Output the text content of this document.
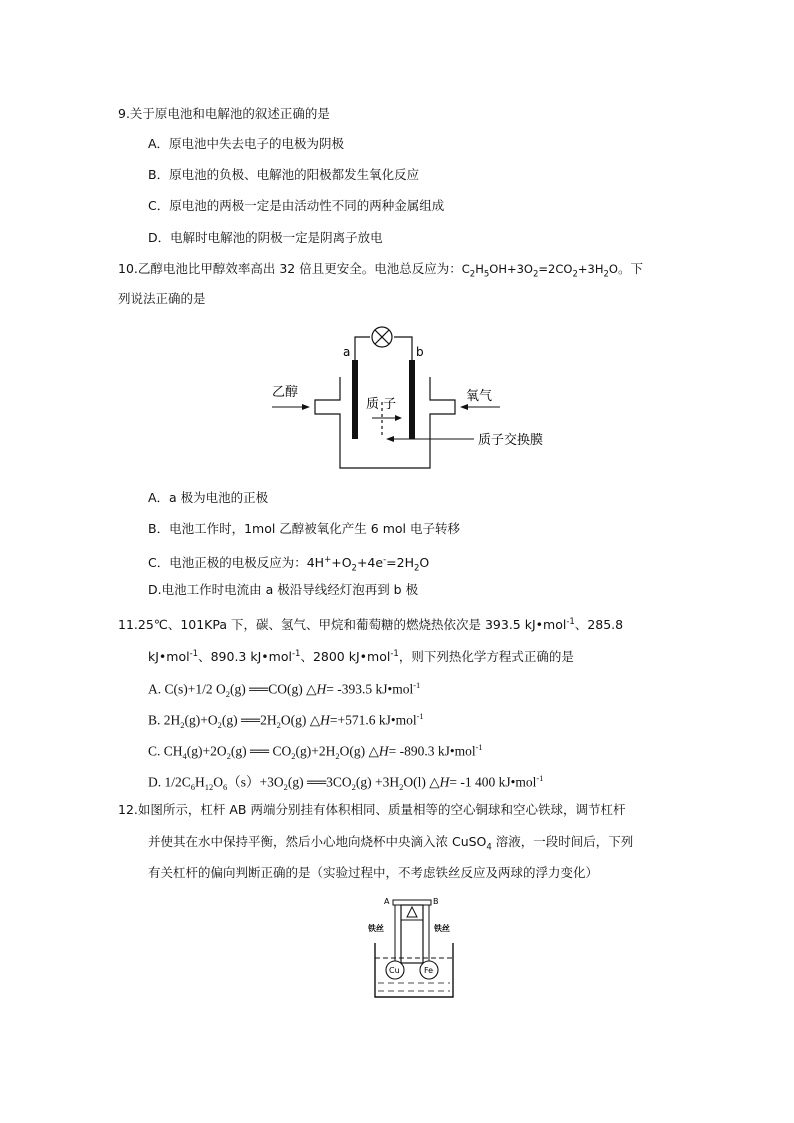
9.关于原电池和电解池的叙述正确的是
A．原电池中失去电子的电极为阴极
B．原电池的负极、电解池的阳极都发生氧化反应
C．原电池的两极一定是由活动性不同的两种金属组成
D．电解时电解池的阴极一定是阴离子放电
10.乙醇电池比甲醇效率高出 32 倍且更安全。电池总反应为：$C_2H_5OH+3O_2=2CO_2+3H_2O$。下
列说法正确的是
a	b
质 子
乙醇	氧气
质子交换膜
A．a 极为电池的正极
B．电池工作时，1mol 乙醇被氧化产生 6 mol 电子转移
C．电池正极的电极反应为：$4H^++O_2+4e^-=2H_2O$
D.电池工作时电流由 a 极沿导线经灯泡再到 b 极
11.25℃、101KPa 下，碳、氢气、甲烷和葡萄糖的燃烧热依次是 393.5 kJ•mol$^{-1}$、285.8
kJ•mol$^{-1}$、890.3 kJ•mol$^{-1}$、2800 kJ•mol$^{-1}$，则下列热化学方程式正确的是
A. C(s)+1/2 $O_2(g)$ ══CO(g) △H= -393.5 kJ•mol$^{-1}$
B. $2H_2(g)+O_2(g)$ $══2H_2O(g)$ △H=+571.6 kJ•mol$^{-1}$
C. $CH_4(g)+2O_2(g)$ ══ $CO_2(g)+2H_2O(g)$ △H= -890.3 kJ•mol$^{-1}$
D. $1/2C_6H_{12}O_6(s)+3O_2(g)$ $══3CO_2(g) +3H_2O(l)$ △H= -1 400 kJ•mol$^{-1}$
12.如图所示，杠杆 AB 两端分别挂有体积相同、质量相等的空心铜球和空心铁球，调节杠杆
并使其在水中保持平衡，然后小心地向烧杯中央滴入浓 CuSO$_4$ 溶液，一段时间后，下列
有关杠杆的偏向判断正确的是（实验过程中，不考虑铁丝反应及两球的浮力变化）
A	B
铁丝	铁丝
Cu	Fe
